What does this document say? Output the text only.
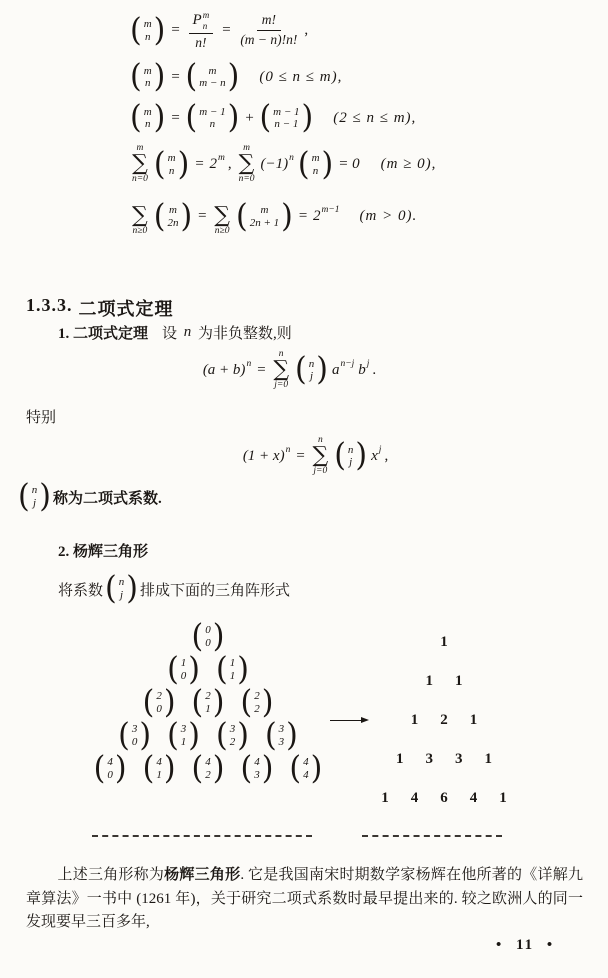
( m
n ) = P m
n
n! = $\frac{m!}{(m - n)!n!}$ ,
( m
n ) = ( m
m − n ) (0 ≤ n ≤ m),
( m
n ) = ( m − 1
n ) + ( m − 1
n − 1 ) (2 ≤ n ≤ m),
m
∑
n=0 ( m
n ) = 2 m ,
m
∑
n=0
(−1) n ( m
n ) = 0 (m ≥ 0),

∑
n≥0 ( m
2n ) =
∑
n≥0 ( m
2n + 1 ) = 2 m−1 (m > 0).
1.3.3. 二项式定理
1. 二项式定理 设 n 为非负整数,则
(a + b) n =
n
∑
j=0 ( n
j ) a n−j b j .
特别
(1 + x) n =
n
∑
j=0 ( n
j ) x j ,
( n
j ) 称为二项式系数.
2. 杨辉三角形
将系数 ( n
j ) 排成下面的三角阵形式
( 0
0 )
( 1
0 ) ( 1
1 )
( 2
0 ) ( 2
1 ) ( 2
2 )
( 3
0 ) ( 3
1 ) ( 3
2 ) ( 3
3 )
( 4
0 ) ( 4
1 ) ( 4
2 ) ( 4
3 ) ( 4
4 )
1
1 1
1 2 1
1 3 3 1
1 4 6 4 1

上述三角形称为杨辉三角形. 它是我国南宋时期数学家杨辉在他所著的《详解九章算法》一书中 (1261 年)，关于研究二项式系数时最早提出来的. 较之欧洲人的同一发现要早三百多年,

• 11 •
